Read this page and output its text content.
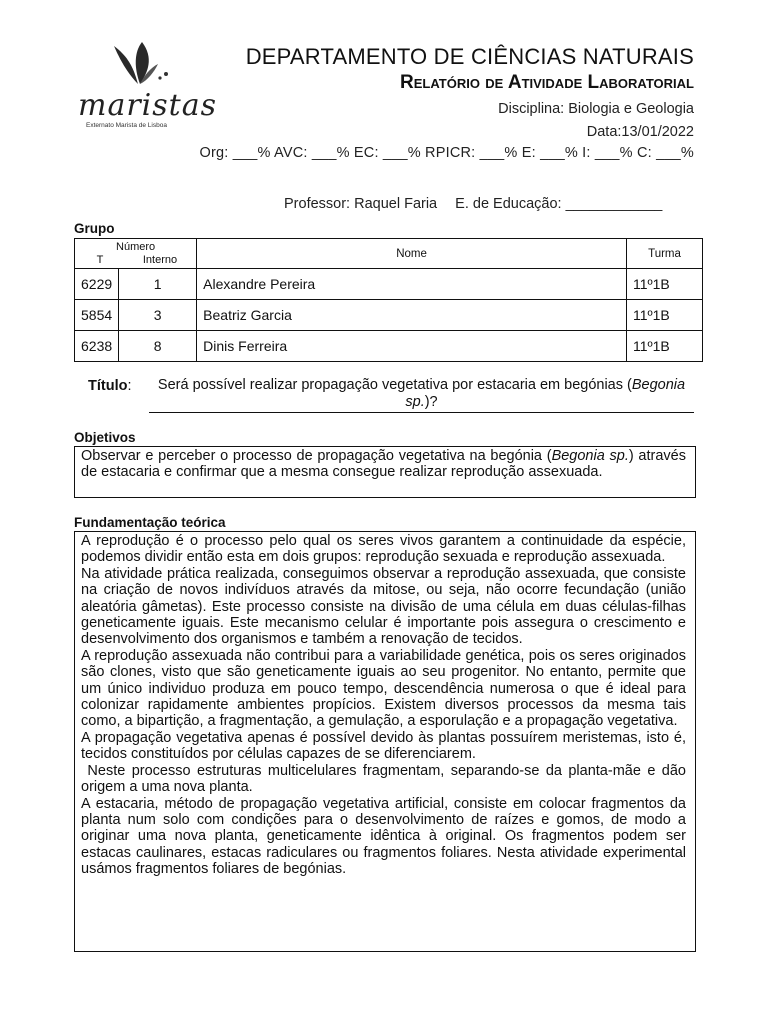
maristas
Externato Marista de Lisboa
DEPARTAMENTO DE CIÊNCIAS NATURAIS
Relatório de Atividade Laboratorial
Disciplina: Biologia e Geologia
Data:13/01/2022
Org: ___% AVC: ___% EC: ___% RPICR: ___% E: ___% I: ___% C: ___%
Professor: Raquel Faria E. de Educação: ____________
Grupo
Número
T Interno		Nome	Turma
6229	1	Alexandre Pereira	11º1B
5854	3	Beatriz Garcia	11º1B
6238	8	Dinis Ferreira	11º1B
Título:	Será possível realizar propagação vegetativa por estacaria em begónias (Begonia sp.)?
Objetivos

Observar e perceber o processo de propagação vegetativa na begónia (Begonia sp.) através de estacaria e confirmar que a mesma consegue realizar reprodução assexuada.

Fundamentação teórica

A reprodução é o processo pelo qual os seres vivos garantem a continuidade da espécie, podemos dividir então esta em dois grupos: reprodução sexuada e reprodução assexuada.

Na atividade prática realizada, conseguimos observar a reprodução assexuada, que consiste na criação de novos indivíduos através da mitose, ou seja, não ocorre fecundação (união aleatória gâmetas). Este processo consiste na divisão de uma célula em duas células-filhas geneticamente iguais. Este mecanismo celular é importante pois assegura o crescimento e desenvolvimento dos organismos e também a renovação de tecidos.

A reprodução assexuada não contribui para a variabilidade genética, pois os seres originados são clones, visto que são geneticamente iguais ao seu progenitor. No entanto, permite que um único individuo produza em pouco tempo, descendência numerosa o que é ideal para colonizar rapidamente ambientes propícios. Existem diversos processos da mesma tais como, a bipartição, a fragmentação, a gemulação, a esporulação e a propagação vegetativa.

A propagação vegetativa apenas é possível devido às plantas possuírem meristemas, isto é, tecidos constituídos por células capazes de se diferenciarem.

Neste processo estruturas multicelulares fragmentam, separando-se da planta-mãe e dão origem a uma nova planta.

A estacaria, método de propagação vegetativa artificial, consiste em colocar fragmentos da planta num solo com condições para o desenvolvimento de raízes e gomos, de modo a originar uma nova planta, geneticamente idêntica à original. Os fragmentos podem ser estacas caulinares, estacas radiculares ou fragmentos foliares. Nesta atividade experimental usámos fragmentos foliares de begónias.
